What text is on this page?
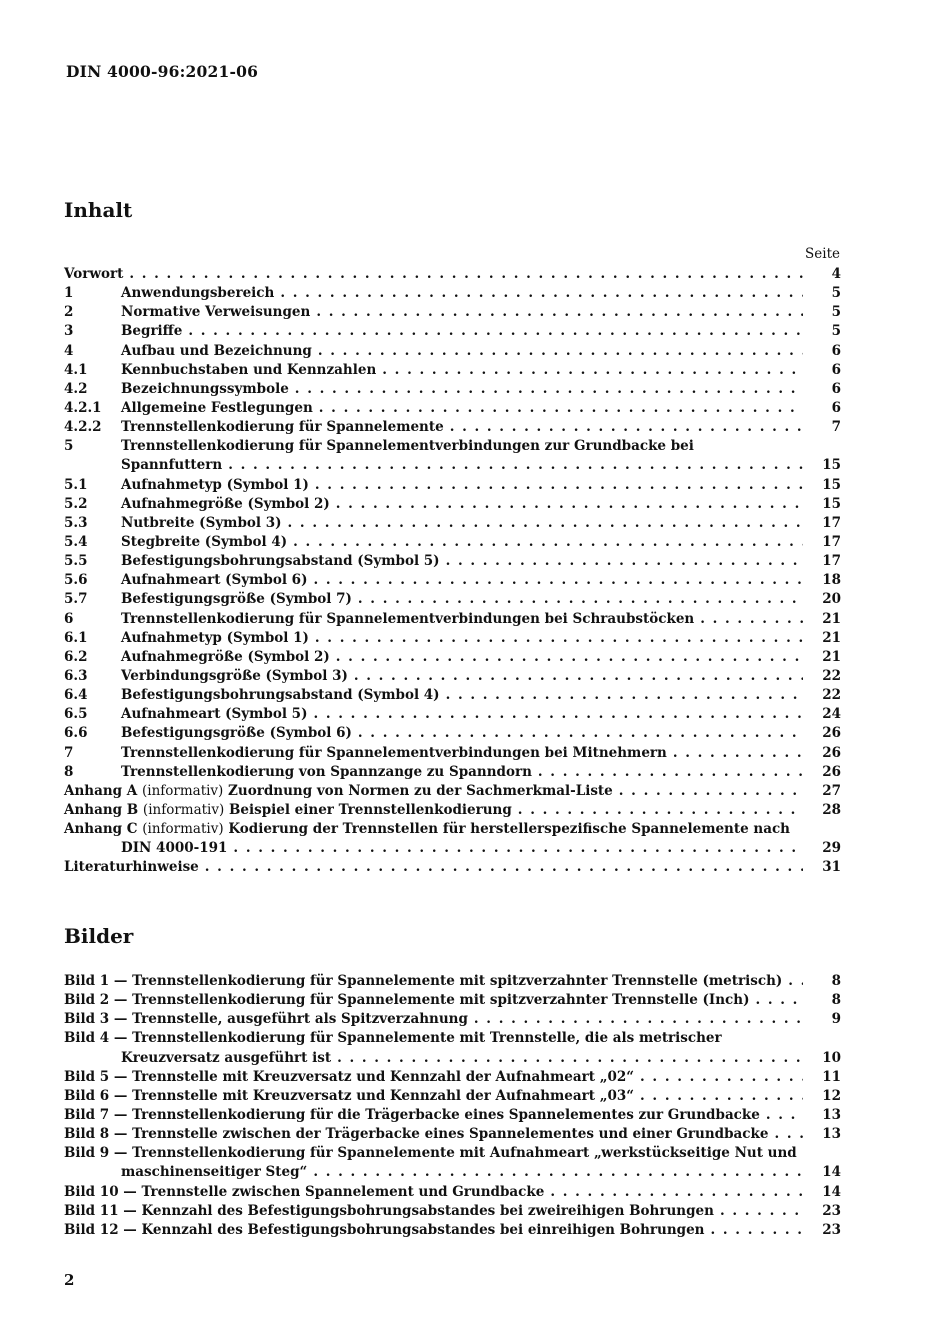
DIN 4000-96:2021-06
Inhalt
Seite
Vorwort . . .	4
1	Anwendungsbereich . . .	5
2	Normative Verweisungen . . .	5
3	Begriffe . . .	5
4	Aufbau und Bezeichnung . . .	6
4.1	Kennbuchstaben und Kennzahlen . . .	6
4.2	Bezeichnungssymbole . . .	6
4.2.1	Allgemeine Festlegungen . . .	6
4.2.2	Trennstellenkodierung für Spannelemente . . .	7
5	Trennstellenkodierung für Spannelementverbindungen zur Grundbacke bei
Spannfuttern . . .	15
5.1	Aufnahmetyp (Symbol 1) . . .	15
5.2	Aufnahmegröße (Symbol 2) . . .	15
5.3	Nutbreite (Symbol 3) . . .	17
5.4	Stegbreite (Symbol 4) . . .	17
5.5	Befestigungsbohrungsabstand (Symbol 5) . . .	17
5.6	Aufnahmeart (Symbol 6) . . .	18
5.7	Befestigungsgröße (Symbol 7) . . .	20
6	Trennstellenkodierung für Spannelementverbindungen bei Schraubstöcken . . .	21
6.1	Aufnahmetyp (Symbol 1) . . .	21
6.2	Aufnahmegröße (Symbol 2) . . .	21
6.3	Verbindungsgröße (Symbol 3) . . .	22
6.4	Befestigungsbohrungsabstand (Symbol 4) . . .	22
6.5	Aufnahmeart (Symbol 5) . . .	24
6.6	Befestigungsgröße (Symbol 6) . . .	26
7	Trennstellenkodierung für Spannelementverbindungen bei Mitnehmern . . .	26
8	Trennstellenkodierung von Spannzange zu Spanndorn . . .	26
Anhang A (informativ) Zuordnung von Normen zu der Sachmerkmal-Liste . . .	27
Anhang B (informativ) Beispiel einer Trennstellenkodierung . . .	28
Anhang C (informativ) Kodierung der Trennstellen für herstellerspezifische Spannelemente nach
DIN 4000-191 . . .	29
Literaturhinweise . . .	31
Bilder
Bild 1 — Trennstellenkodierung für Spannelemente mit spitzverzahnter Trennstelle (metrisch) . . .	8
Bild 2 — Trennstellenkodierung für Spannelemente mit spitzverzahnter Trennstelle (Inch) . . .	8
Bild 3 — Trennstelle, ausgeführt als Spitzverzahnung . . .	9
Bild 4 — Trennstellenkodierung für Spannelemente mit Trennstelle, die als metrischer
Kreuzversatz ausgeführt ist . . .	10
Bild 5 — Trennstelle mit Kreuzversatz und Kennzahl der Aufnahmeart „02“ . . .	11
Bild 6 — Trennstelle mit Kreuzversatz und Kennzahl der Aufnahmeart „03“ . . .	12
Bild 7 — Trennstellenkodierung für die Trägerbacke eines Spannelementes zur Grundbacke . . .	13
Bild 8 — Trennstelle zwischen der Trägerbacke eines Spannelementes und einer Grundbacke . . .	13
Bild 9 — Trennstellenkodierung für Spannelemente mit Aufnahmeart „werkstückseitige Nut und
maschinenseitiger Steg“ . . .	14
Bild 10 — Trennstelle zwischen Spannelement und Grundbacke . . .	14
Bild 11 — Kennzahl des Befestigungsbohrungsabstandes bei zweireihigen Bohrungen . . .	23
Bild 12 — Kennzahl des Befestigungsbohrungsabstandes bei einreihigen Bohrungen . . .	23
2
